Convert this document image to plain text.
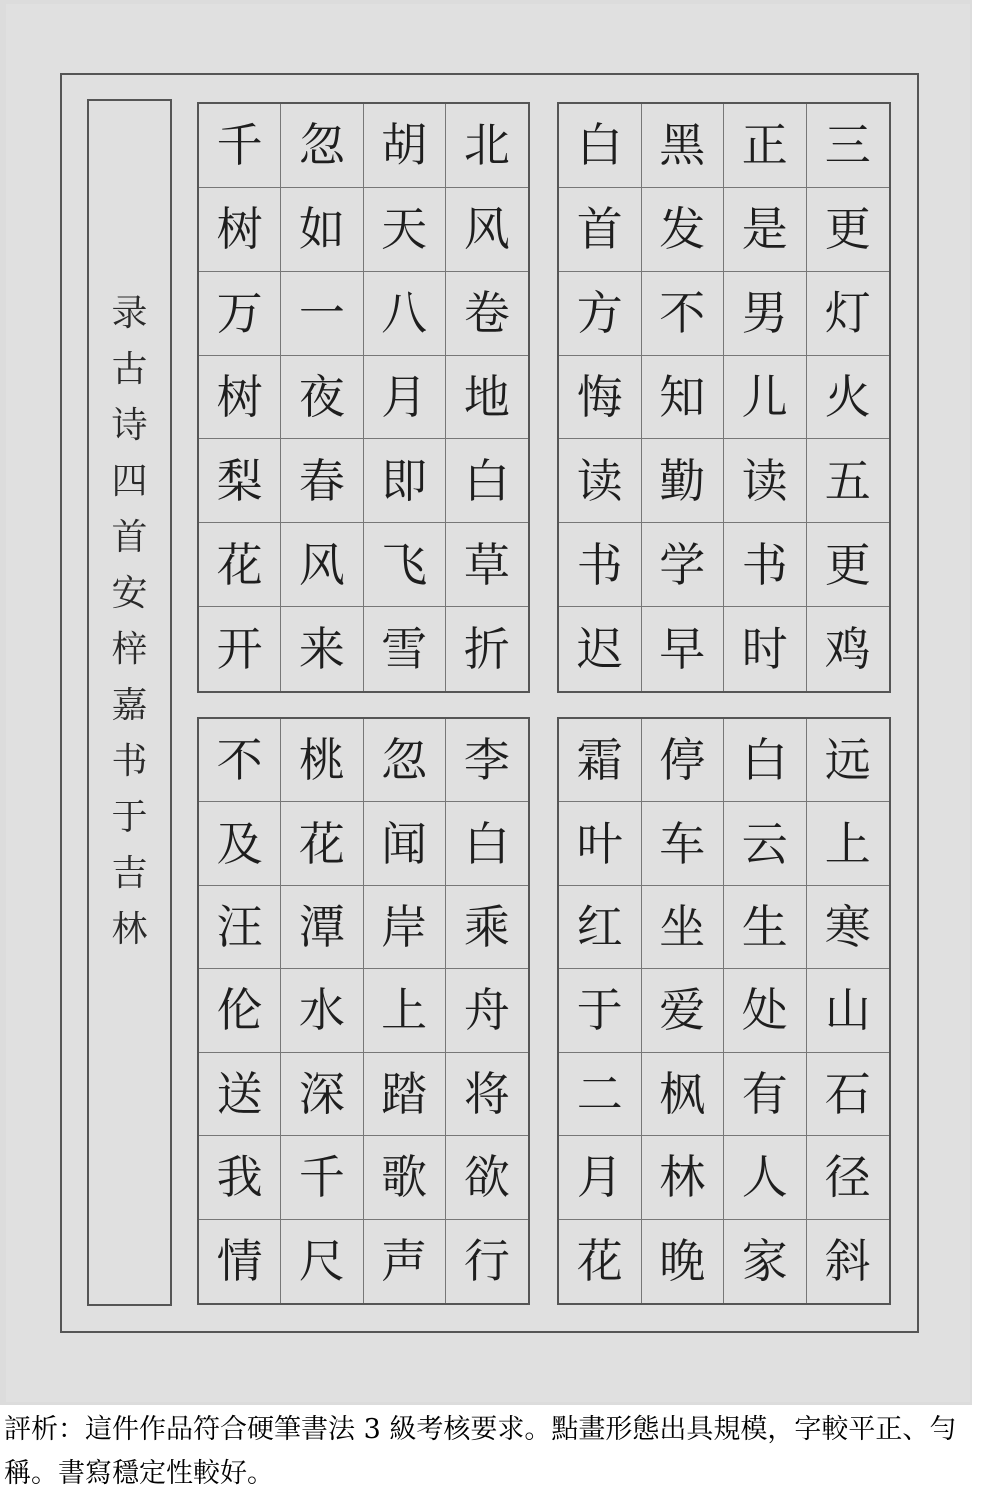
录
古
诗
四
首
安
梓
嘉
书
于
吉
林
千 忽 胡 北
树 如 天 风
万 一 八 卷
树 夜 月 地
梨 春 即 白
花 风 飞 草
开 来 雪 折
白 黑 正 三
首 发 是 更
方 不 男 灯
悔 知 儿 火
读 勤 读 五
书 学 书 更
迟 早 时 鸡
不 桃 忽 李
及 花 闻 白
汪 潭 岸 乘
伦 水 上 舟
送 深 踏 将
我 千 歌 欲
情 尺 声 行
霜 停 白 远
叶 车 云 上
红 坐 生 寒
于 爱 处 山
二 枫 有 石
月 林 人 径
花 晚 家 斜
評析：這件作品符合硬筆書法 3 級考核要求。點畫形態出具規模，字較平正、勻稱。書寫穩定性較好。
